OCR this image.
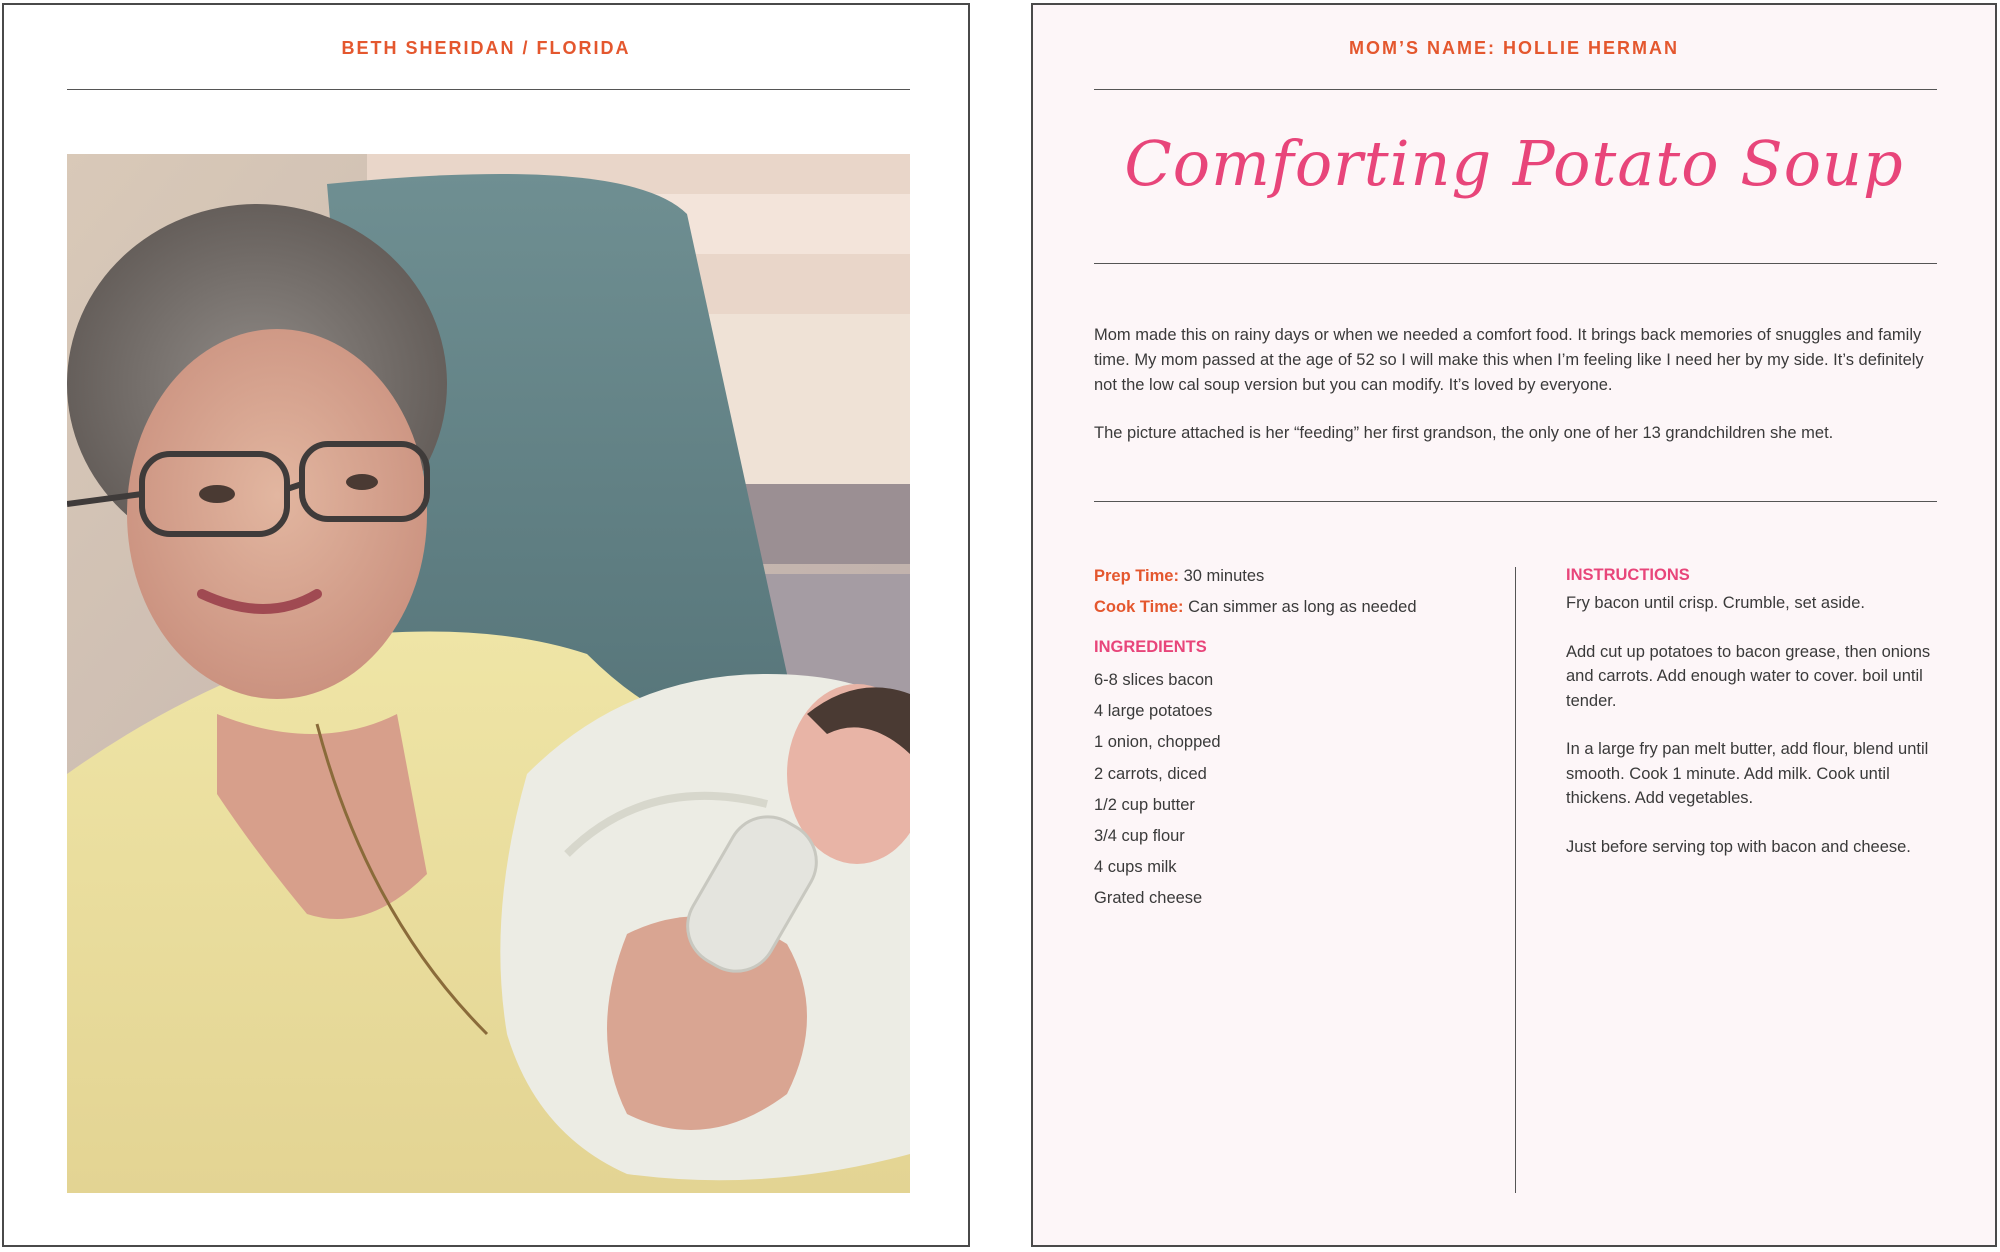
BETH SHERIDAN / FLORIDA	MOM’S NAME: HOLLIE HERMAN
Comforting Potato Soup

Mom made this on rainy days or when we needed a comfort food. It brings back memories of snuggles and family time. My mom passed at the age of 52 so I will make this when I’m feeling like I need her by my side. It’s definitely not the low cal soup version but you can modify. It’s loved by everyone.

The picture attached is her “feeding” her first grandson, the only one of her 13 grandchildren she met.

Prep Time: 30 minutes
Cook Time: Can simmer as long as needed
INGREDIENTS
6-8 slices bacon
4 large potatoes
1 onion, chopped
2 carrots, diced
1/2 cup butter
3/4 cup flour
4 cups milk
Grated cheese
INSTRUCTIONS

Fry bacon until crisp. Crumble, set aside.

Add cut up potatoes to bacon grease, then onions and carrots. Add enough water to cover. boil until tender.

In a large fry pan melt butter, add flour, blend until smooth. Cook 1 minute. Add milk. Cook until thickens. Add vegetables.

Just before serving top with bacon and cheese.
